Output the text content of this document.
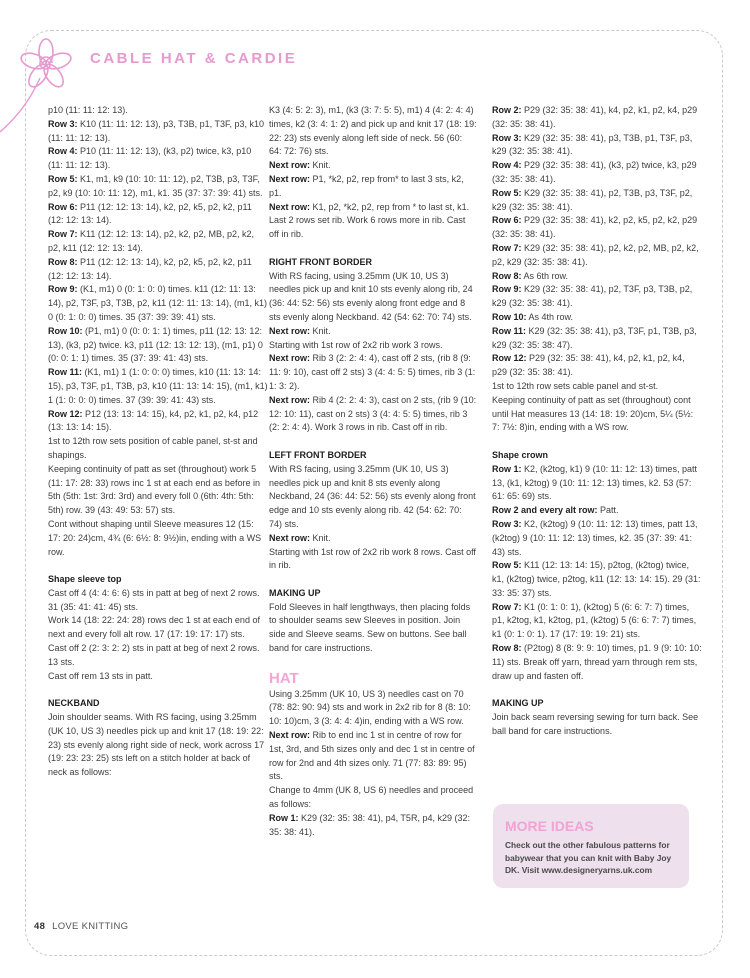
CABLE HAT & CARDIE

p10 (11: 11: 12: 13).

Row 3: K10 (11: 11: 12: 13), p3, T3B, p1, T3F, p3, k10 (11: 11: 12: 13).

Row 4: P10 (11: 11: 12: 13), (k3, p2) twice, k3, p10 (11: 11: 12: 13).

Row 5: K1, m1, k9 (10: 10: 11: 12), p2, T3B, p3, T3F, p2, k9 (10: 10: 11: 12), m1, k1. 35 (37: 37: 39: 41) sts.

Row 6: P11 (12: 12: 13: 14), k2, p2, k5, p2, k2, p11 (12: 12: 13: 14).

Row 7: K11 (12: 12: 13: 14), p2, k2, p2, MB, p2, k2, p2, k11 (12: 12: 13: 14).

Row 8: P11 (12: 12: 13: 14), k2, p2, k5, p2, k2, p11 (12: 12: 13: 14).

Row 9: (K1, m1) 0 (0: 1: 0: 0) times. k11 (12: 11: 13: 14), p2, T3F, p3, T3B, p2, k11 (12: 11: 13: 14), (m1, k1) 0 (0: 1: 0: 0) times. 35 (37: 39: 39: 41) sts.

Row 10: (P1, m1) 0 (0: 0: 1: 1) times, p11 (12: 13: 12: 13), (k3, p2) twice. k3, p11 (12: 13: 12: 13), (m1, p1) 0 (0: 0: 1: 1) times. 35 (37: 39: 41: 43) sts.

Row 11: (K1, m1) 1 (1: 0: 0: 0) times, k10 (11: 13: 14: 15), p3, T3F, p1, T3B, p3, k10 (11: 13: 14: 15), (m1, k1) 1 (1: 0: 0: 0) times. 37 (39: 39: 41: 43) sts.

Row 12: P12 (13: 13: 14: 15), k4, p2, k1, p2, k4, p12 (13: 13: 14: 15).

1st to 12th row sets position of cable panel, st-st and shapings.

Keeping continuity of patt as set (throughout) work 5 (11: 17: 28: 33) rows inc 1 st at each end as before in 5th (5th: 1st: 3rd: 3rd) and every foll 0 (6th: 4th: 5th: 5th) row. 39 (43: 49: 53: 57) sts.

Cont without shaping until Sleeve measures 12 (15: 17: 20: 24)cm, 4¾ (6: 6½: 8: 9½)in, ending with a WS row.

Shape sleeve top

Cast off 4 (4: 4: 6: 6) sts in patt at beg of next 2 rows. 31 (35: 41: 41: 45) sts.

Work 14 (18: 22: 24: 28) rows dec 1 st at each end of next and every foll alt row. 17 (17: 19: 17: 17) sts.

Cast off 2 (2: 3: 2: 2) sts in patt at beg of next 2 rows. 13 sts.

Cast off rem 13 sts in patt.

NECKBAND

Join shoulder seams. With RS facing, using 3.25mm (UK 10, US 3) needles pick up and knit 17 (18: 19: 22: 23) sts evenly along right side of neck, work across 17 (19: 23: 23: 25) sts left on a stitch holder at back of neck as follows:

K3 (4: 5: 2: 3), m1, (k3 (3: 7: 5: 5), m1) 4 (4: 2: 4: 4) times, k2 (3: 4: 1: 2) and pick up and knit 17 (18: 19: 22: 23) sts evenly along left side of neck. 56 (60: 64: 72: 76) sts.

Next row: Knit.

Next row: P1, *k2, p2, rep from* to last 3 sts, k2, p1.

Next row: K1, p2, *k2, p2, rep from * to last st, k1. Last 2 rows set rib. Work 6 rows more in rib. Cast off in rib.

RIGHT FRONT BORDER

With RS facing, using 3.25mm (UK 10, US 3) needles pick up and knit 10 sts evenly along rib, 24 (36: 44: 52: 56) sts evenly along front edge and 8 sts evenly along Neckband. 42 (54: 62: 70: 74) sts.

Next row: Knit.

Starting with 1st row of 2x2 rib work 3 rows.

Next row: Rib 3 (2: 2: 4: 4), cast off 2 sts, (rib 8 (9: 11: 9: 10), cast off 2 sts) 3 (4: 4: 5: 5) times, rib 3 (1: 1: 3: 2).

Next row: Rib 4 (2: 2: 4: 3), cast on 2 sts, (rib 9 (10: 12: 10: 11), cast on 2 sts) 3 (4: 4: 5: 5) times, rib 3 (2: 2: 4: 4). Work 3 rows in rib. Cast off in rib.

LEFT FRONT BORDER

With RS facing, using 3.25mm (UK 10, US 3) needles pick up and knit 8 sts evenly along Neckband, 24 (36: 44: 52: 56) sts evenly along front edge and 10 sts evenly along rib. 42 (54: 62: 70: 74) sts.

Next row: Knit.

Starting with 1st row of 2x2 rib work 8 rows. Cast off in rib.

MAKING UP

Fold Sleeves in half lengthways, then placing folds to shoulder seams sew Sleeves in position. Join side and Sleeve seams. Sew on buttons. See ball band for care instructions.

HAT

Using 3.25mm (UK 10, US 3) needles cast on 70 (78: 82: 90: 94) sts and work in 2x2 rib for 8 (8: 10: 10: 10)cm, 3 (3: 4: 4: 4)in, ending with a WS row.

Next row: Rib to end inc 1 st in centre of row for 1st, 3rd, and 5th sizes only and dec 1 st in centre of row for 2nd and 4th sizes only. 71 (77: 83: 89: 95) sts.

Change to 4mm (UK 8, US 6) needles and proceed as follows:

Row 1: K29 (32: 35: 38: 41), p4, T5R, p4, k29 (32: 35: 38: 41).

Row 2: P29 (32: 35: 38: 41), k4, p2, k1, p2, k4, p29 (32: 35: 38: 41).

Row 3: K29 (32: 35: 38: 41), p3, T3B, p1, T3F, p3, k29 (32: 35: 38: 41).

Row 4: P29 (32: 35: 38: 41), (k3, p2) twice, k3, p29 (32: 35: 38: 41).

Row 5: K29 (32: 35: 38: 41), p2, T3B, p3, T3F, p2, k29 (32: 35: 38: 41).

Row 6: P29 (32: 35: 38: 41), k2, p2, k5, p2, k2, p29 (32: 35: 38: 41).

Row 7: K29 (32: 35: 38: 41), p2, k2, p2, MB, p2, k2, p2, k29 (32: 35: 38: 41).

Row 8: As 6th row.

Row 9: K29 (32: 35: 38: 41), p2, T3F, p3, T3B, p2, k29 (32: 35: 38: 41).

Row 10: As 4th row.

Row 11: K29 (32: 35: 38: 41), p3, T3F, p1, T3B, p3, k29 (32: 35: 38: 47).

Row 12: P29 (32: 35: 38: 41), k4, p2, k1, p2, k4, p29 (32: 35: 38: 41).

1st to 12th row sets cable panel and st-st.

Keeping continuity of patt as set (throughout) cont until Hat measures 13 (14: 18: 19: 20)cm, 5¼ (5½: 7: 7½: 8)in, ending with a WS row.

Shape crown

Row 1: K2, (k2tog, k1) 9 (10: 11: 12: 13) times, patt 13, (k1, k2tog) 9 (10: 11: 12: 13) times, k2. 53 (57: 61: 65: 69) sts.

Row 2 and every alt row: Patt.

Row 3: K2, (k2tog) 9 (10: 11: 12: 13) times, patt 13, (k2tog) 9 (10: 11: 12: 13) times, k2. 35 (37: 39: 41: 43) sts.

Row 5: K11 (12: 13: 14: 15), p2tog, (k2tog) twice, k1, (k2tog) twice, p2tog, k11 (12: 13: 14: 15). 29 (31: 33: 35: 37) sts.

Row 7: K1 (0: 1: 0: 1), (k2tog) 5 (6: 6: 7: 7) times, p1, k2tog, k1, k2tog, p1, (k2tog) 5 (6: 6: 7: 7) times, k1 (0: 1: 0: 1). 17 (17: 19: 19: 21) sts.

Row 8: (P2tog) 8 (8: 9: 9: 10) times, p1. 9 (9: 10: 10: 11) sts. Break off yarn, thread yarn through rem sts, draw up and fasten off.

MAKING UP

Join back seam reversing sewing for turn back. See ball band for care instructions.

MORE IDEAS
Check out the other fabulous patterns for babywear that you can knit with Baby Joy DK. Visit www.designeryarns.uk.com
48 LOVE KNITTING
